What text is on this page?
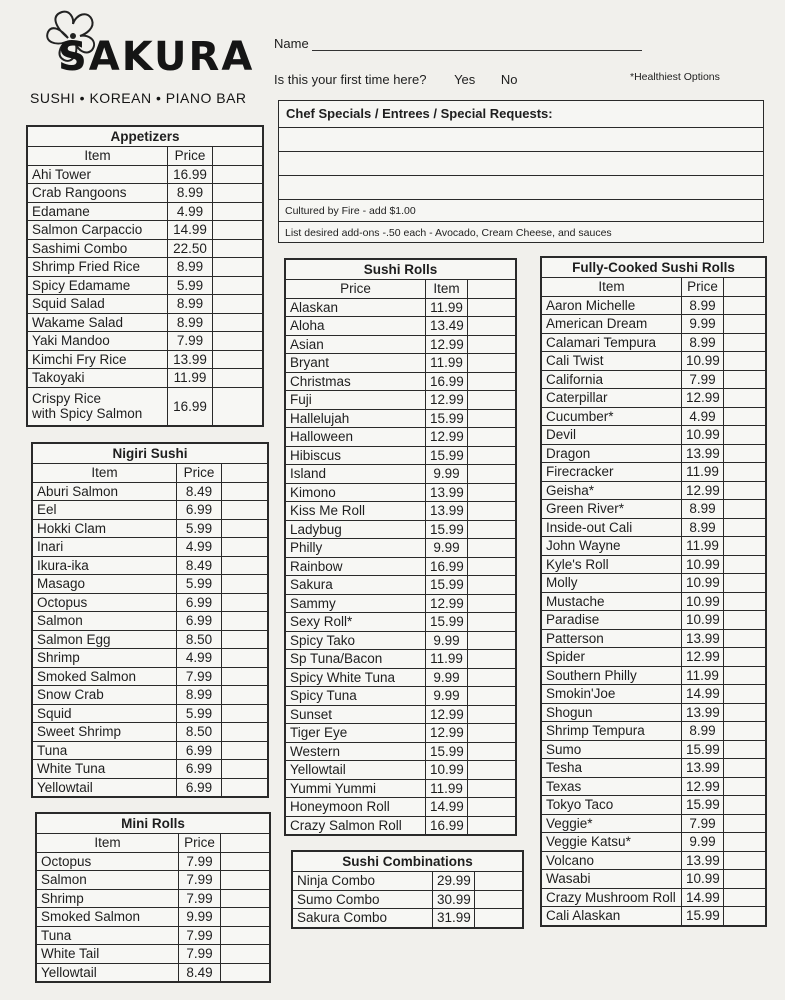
SAKURA
SUSHI • KOREAN • PIANO BAR
Name
Is this your first time here? Yes No	*Healthiest Options
Chef Specials / Entrees / Special Requests:
Cultured by Fire - add $1.00
List desired add-ons -.50 each - Avocado, Cream Cheese, and sauces
Appetizers		
Item	Price	
Ahi Tower	16.99	
Crab Rangoons	8.99	
Edamane	4.99	
Salmon Carpaccio	14.99	
Sashimi Combo	22.50	
Shrimp Fried Rice	8.99	
Spicy Edamame	5.99	
Squid Salad	8.99	
Wakame Salad	8.99	
Yaki Mandoo	7.99	
Kimchi Fry Rice	13.99	
Takoyaki	11.99	

Crispy Rice
with Spicy Salmon	16.99	
Nigiri Sushi		
Item	Price	
Aburi Salmon	8.49	
Eel	6.99	
Hokki Clam	5.99	
Inari	4.99	
Ikura-ika	8.49	
Masago	5.99	
Octopus	6.99	
Salmon	6.99	
Salmon Egg	8.50	
Shrimp	4.99	
Smoked Salmon	7.99	
Snow Crab	8.99	
Squid	5.99	
Sweet Shrimp	8.50	
Tuna	6.99	
White Tuna	6.99	
Yellowtail	6.99	
Mini Rolls		
Item	Price	
Octopus	7.99	
Salmon	7.99	
Shrimp	7.99	
Smoked Salmon	9.99	
Tuna	7.99	
White Tail	7.99	
Yellowtail	8.49	
Sushi Rolls		
Price	Item	
Alaskan	11.99	
Aloha	13.49	
Asian	12.99	
Bryant	11.99	
Christmas	16.99	
Fuji	12.99	
Hallelujah	15.99	
Halloween	12.99	
Hibiscus	15.99	
Island	9.99	
Kimono	13.99	
Kiss Me Roll	13.99	
Ladybug	15.99	
Philly	9.99	
Rainbow	16.99	
Sakura	15.99	
Sammy	12.99	
Sexy Roll*	15.99	
Spicy Tako	9.99	
Sp Tuna/Bacon	11.99	
Spicy White Tuna	9.99	
Spicy Tuna	9.99	
Sunset	12.99	
Tiger Eye	12.99	
Western	15.99	
Yellowtail	10.99	
Yummi Yummi	11.99	
Honeymoon Roll	14.99	
Crazy Salmon Roll	16.99	
Sushi Combinations		
Ninja Combo	29.99	
Sumo Combo	30.99	
Sakura Combo	31.99	
Fully-Cooked Sushi Rolls		
Item	Price	
Aaron Michelle	8.99	
American Dream	9.99	
Calamari Tempura	8.99	
Cali Twist	10.99	
California	7.99	
Caterpillar	12.99	
Cucumber*	4.99	
Devil	10.99	
Dragon	13.99	
Firecracker	11.99	
Geisha*	12.99	
Green River*	8.99	
Inside-out Cali	8.99	
John Wayne	11.99	
Kyle's Roll	10.99	
Molly	10.99	
Mustache	10.99	
Paradise	10.99	
Patterson	13.99	
Spider	12.99	
Southern Philly	11.99	
Smokin'Joe	14.99	
Shogun	13.99	
Shrimp Tempura	8.99	
Sumo	15.99	
Tesha	13.99	
Texas	12.99	
Tokyo Taco	15.99	
Veggie*	7.99	
Veggie Katsu*	9.99	
Volcano	13.99	
Wasabi	10.99	
Crazy Mushroom Roll	14.99	
Cali Alaskan	15.99	
